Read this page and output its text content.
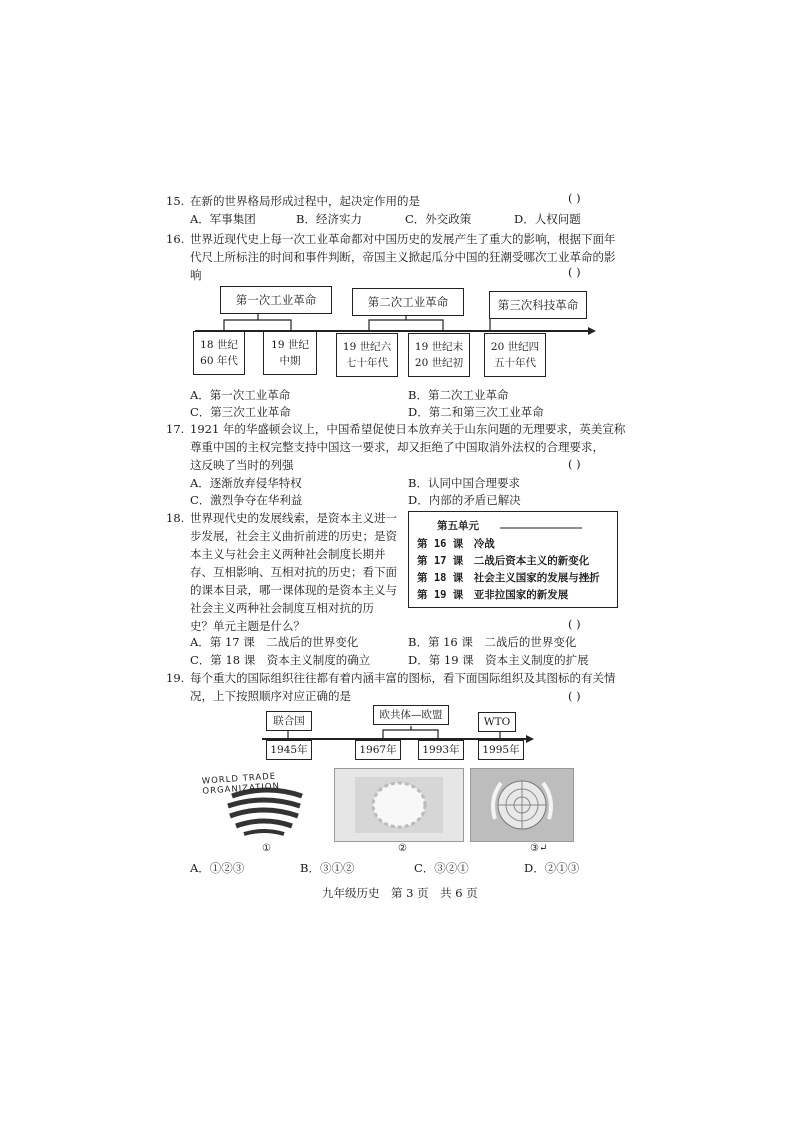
15. 在新的世界格局形成过程中，起决定作用的是	( )
A．军事集团	B．经济实力	C．外交政策	D．人权问题
16. 世界近现代史上每一次工业革命都对中国历史的发展产生了重大的影响，根据下面年
代尺上所标注的时间和事件判断，帝国主义掀起瓜分中国的狂潮受哪次工业革命的影
响	( )
第一次工业革命	第二次工业革命	第三次科技革命
18 世纪
60 年代
19 世纪
中期
19 世纪六
七十年代
19 世纪末
20 世纪初
20 世纪四
五十年代
A．第一次工业革命	B．第二次工业革命
C．第三次工业革命	D．第二和第三次工业革命
17. 1921 年的华盛顿会议上，中国希望促使日本放弃关于山东问题的无理要求，英美宣称
尊重中国的主权完整支持中国这一要求，却又拒绝了中国取消外法权的合理要求，
这反映了当时的列强	( )
A．逐渐放弃侵华特权	B．认同中国合理要求
C．激烈争夺在华利益	D．内部的矛盾已解决
18. 世界现代史的发展线索，是资本主义进一
步发展，社会主义曲折前进的历史；是资
本主义与社会主义两种社会制度长期并
存、互相影响、互相对抗的历史；看下面
的课本目录，哪一课体现的是资本主义与
社会主义两种社会制度互相对抗的历
史？单元主题是什么？	( )
第五单元
第 16 课　冷战
第 17 课　二战后资本主义的新变化
第 18 课　社会主义国家的发展与挫折
第 19 课　亚非拉国家的新发展
A．第 17 课　二战后的世界变化	B．第 16 课　二战后的世界变化
C．第 18 课　资本主义制度的确立	D．第 19 课　资本主义制度的扩展
19. 每个重大的国际组织往往都有着内涵丰富的图标，看下面国际组织及其图标的有关情
况，上下按照顺序对应正确的是	( )
联合国	欧共体—欧盟
WTO
1945年	1967年	1993年	1995年
WORLD TRADE ORGANIZATION
①	②	③↵
A．①②③	B．③①②	C．③②①	D．②①③
九年级历史　第 3 页　共 6 页
